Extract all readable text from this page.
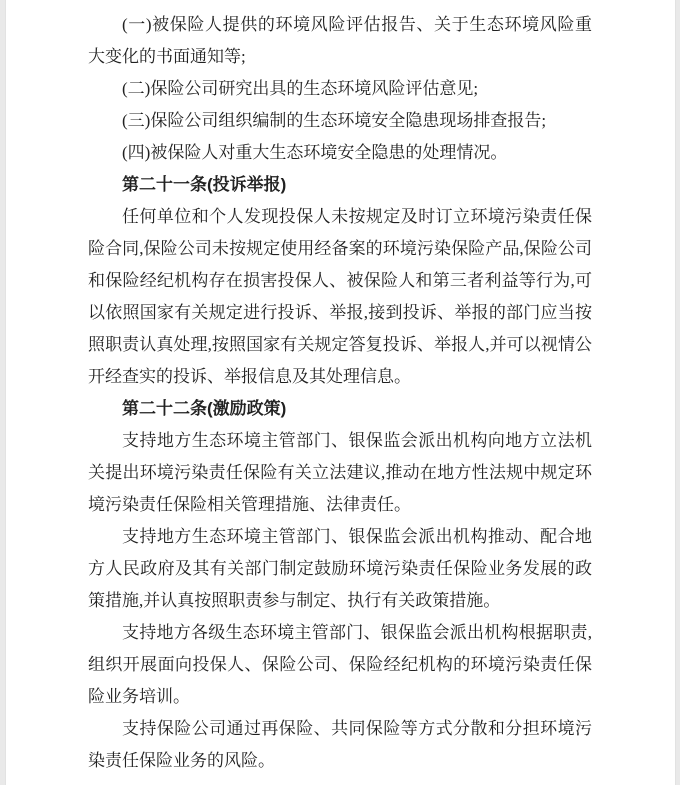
(一)被保险人提供的环境风险评估报告、关于生态环境风险重大变化的书面通知等;

(二)保险公司研究出具的生态环境风险评估意见;

(三)保险公司组织编制的生态环境安全隐患现场排查报告;

(四)被保险人对重大生态环境安全隐患的处理情况。

第二十一条(投诉举报)

任何单位和个人发现投保人未按规定及时订立环境污染责任保险合同,保险公司未按规定使用经备案的环境污染保险产品,保险公司和保险经纪机构存在损害投保人、被保险人和第三者利益等行为,可以依照国家有关规定进行投诉、举报,接到投诉、举报的部门应当按照职责认真处理,按照国家有关规定答复投诉、举报人,并可以视情公开经查实的投诉、举报信息及其处理信息。

第二十二条(激励政策)

支持地方生态环境主管部门、银保监会派出机构向地方立法机关提出环境污染责任保险有关立法建议,推动在地方性法规中规定环境污染责任保险相关管理措施、法律责任。

支持地方生态环境主管部门、银保监会派出机构推动、配合地方人民政府及其有关部门制定鼓励环境污染责任保险业务发展的政策措施,并认真按照职责参与制定、执行有关政策措施。

支持地方各级生态环境主管部门、银保监会派出机构根据职责,组织开展面向投保人、保险公司、保险经纪机构的环境污染责任保险业务培训。

支持保险公司通过再保险、共同保险等方式分散和分担环境污染责任保险业务的风险。
